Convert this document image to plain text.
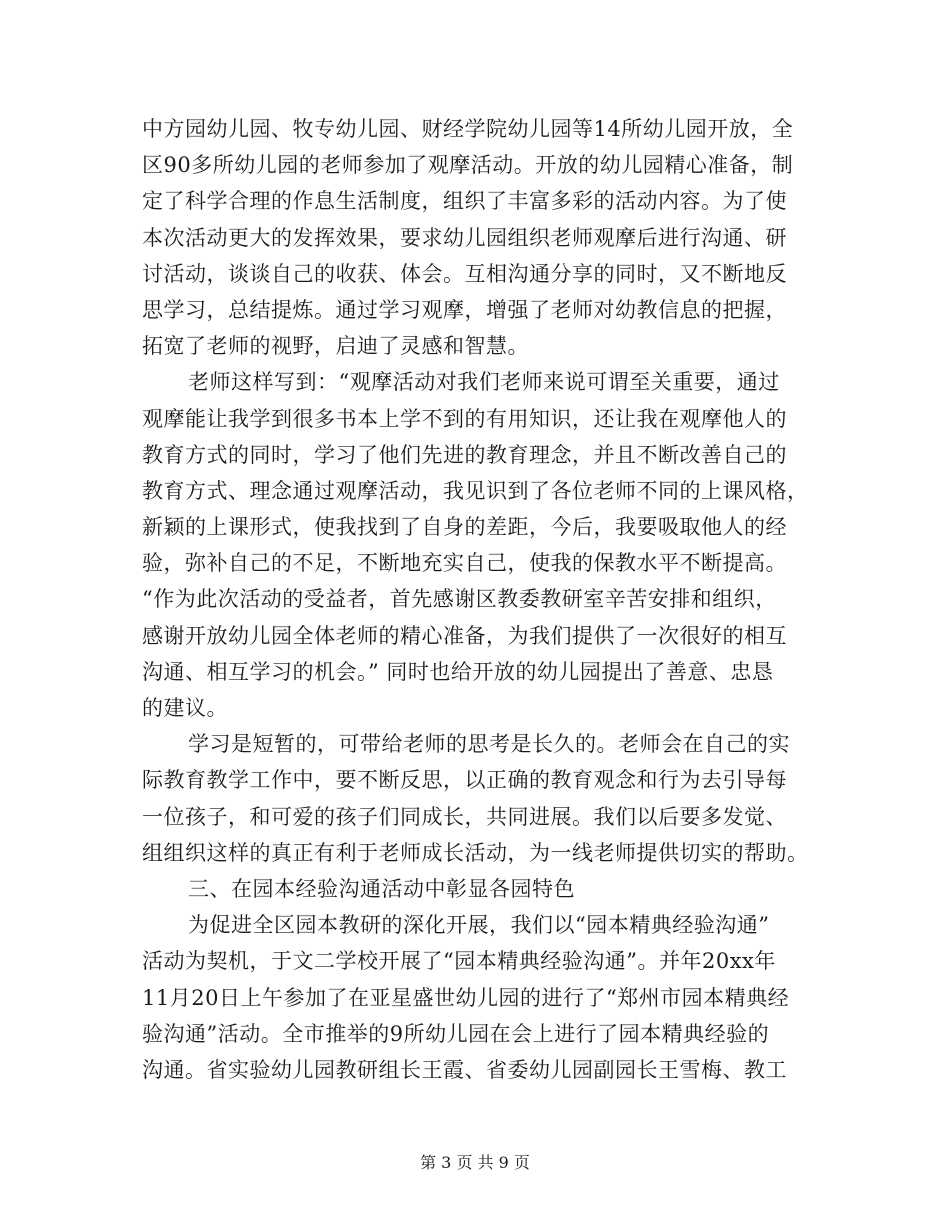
中方园幼儿园、牧专幼儿园、财经学院幼儿园等14所幼儿园开放，全
区90多所幼儿园的老师参加了观摩活动。开放的幼儿园精心准备，制
定了科学合理的作息生活制度，组织了丰富多彩的活动内容。为了使
本次活动更大的发挥效果，要求幼儿园组织老师观摩后进行沟通、研
讨活动，谈谈自己的收获、体会。互相沟通分享的同时，又不断地反
思学习，总结提炼。通过学习观摩，增强了老师对幼教信息的把握，
拓宽了老师的视野，启迪了灵感和智慧。
老师这样写到：“观摩活动对我们老师来说可谓至关重要，通过
观摩能让我学到很多书本上学不到的有用知识，还让我在观摩他人的
教育方式的同时，学习了他们先进的教育理念，并且不断改善自己的
教育方式、理念通过观摩活动，我见识到了各位老师不同的上课风格，
新颖的上课形式，使我找到了自身的差距，今后，我要吸取他人的经
验，弥补自己的不足，不断地充实自己，使我的保教水平不断提高。
“作为此次活动的受益者，首先感谢区教委教研室辛苦安排和组织，
感谢开放幼儿园全体老师的精心准备，为我们提供了一次很好的相互
沟通、相互学习的机会。” 同时也给开放的幼儿园提出了善意、忠恳
的建议。
学习是短暂的，可带给老师的思考是长久的。老师会在自己的实
际教育教学工作中，要不断反思，以正确的教育观念和行为去引导每
一位孩子，和可爱的孩子们同成长，共同进展。我们以后要多发觉、
组组织这样的真正有利于老师成长活动，为一线老师提供切实的帮助。
三、在园本经验沟通活动中彰显各园特色
为促进全区园本教研的深化开展，我们以“园本精典经验沟通”
活动为契机，于文二学校开展了“园本精典经验沟通”。并年20xx年
11月20日上午参加了在亚星盛世幼儿园的进行了“郑州市园本精典经
验沟通”活动。全市推举的9所幼儿园在会上进行了园本精典经验的
沟通。省实验幼儿园教研组长王霞、省委幼儿园副园长王雪梅、教工
第 3 页 共 9 页
